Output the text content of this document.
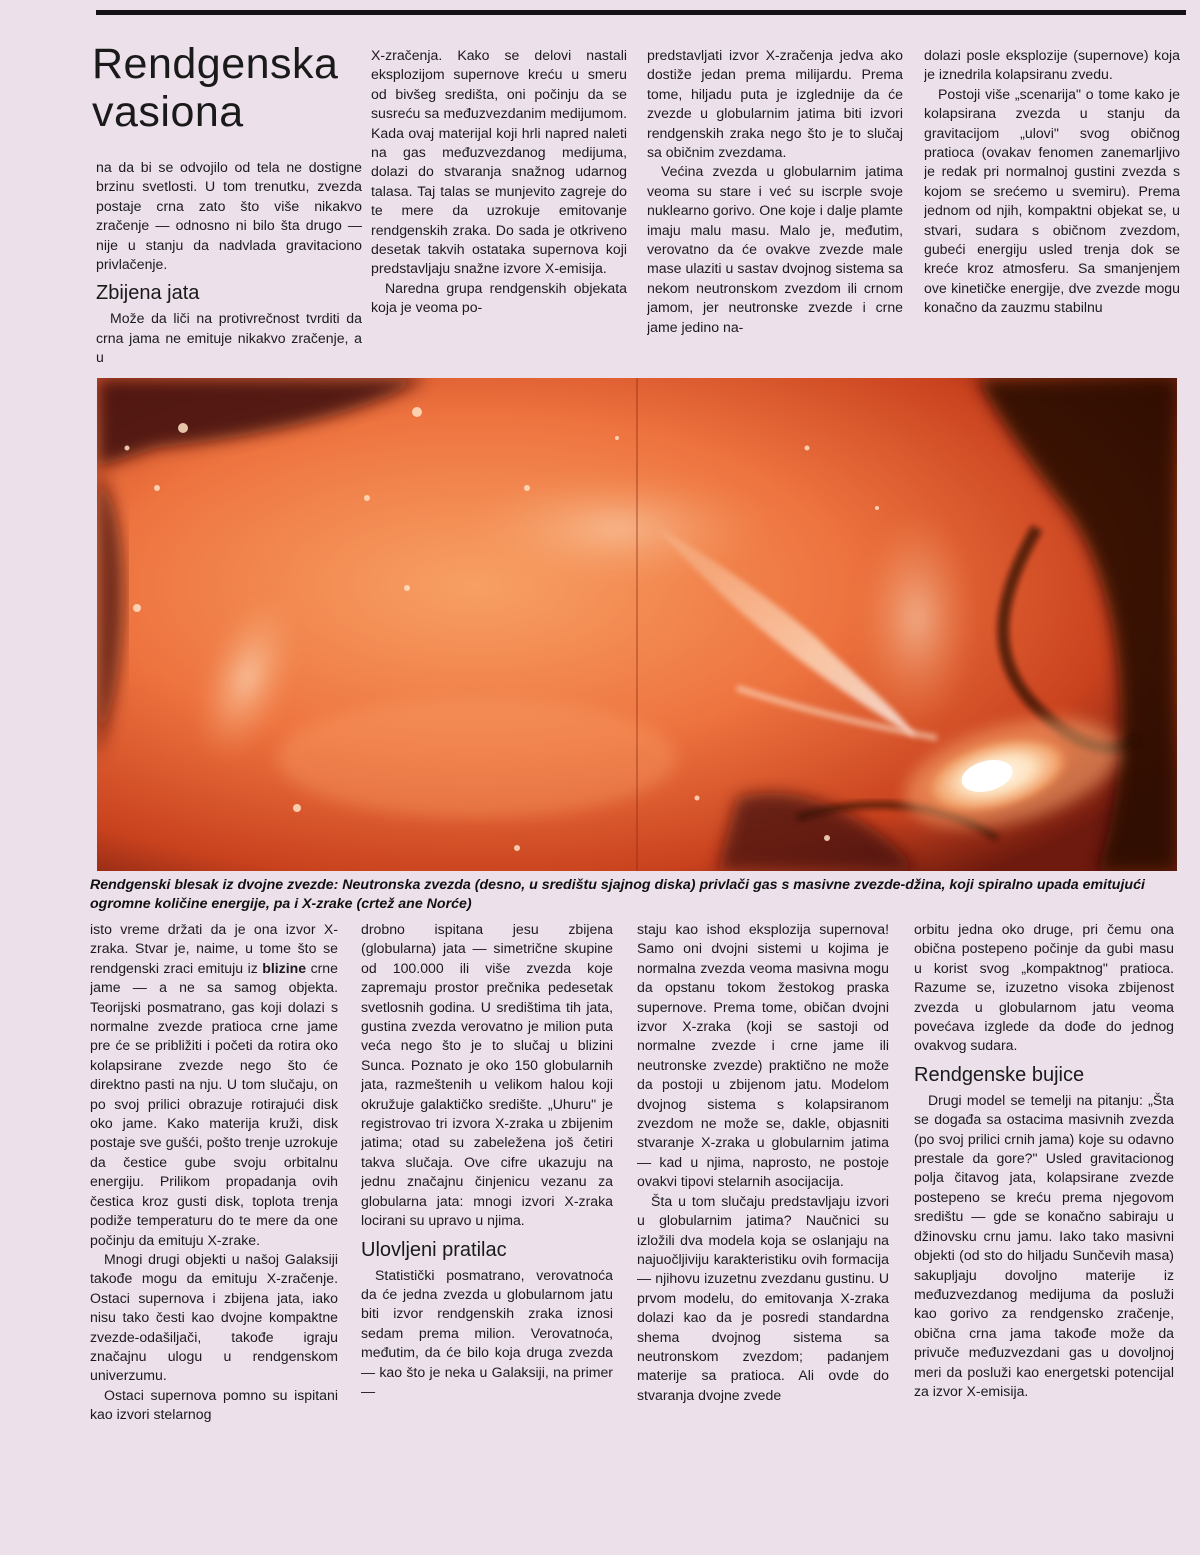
Rendgenska vasiona

na da bi se odvojilo od tela ne dostigne brzinu svetlosti. U tom trenutku, zvezda postaje crna zato što više nikakvo zračenje — odnosno ni bilo šta drugo — nije u stanju da nadvlada gravitaciono privlačenje.

Zbijena jata

Može da liči na protivrečnost tvrditi da crna jama ne emituje nikakvo zračenje, a u

X-zračenja. Kako se delovi nastali eksplozijom supernove kreću u smeru od bivšeg središta, oni počinju da se susreću sa međuzvezdanim medijumom. Kada ovaj materijal koji hrli napred naleti na gas međuzvezdanog medijuma, dolazi do stvaranja snažnog udarnog talasa. Taj talas se munjevito zagreje do te mere da uzrokuje emitovanje rendgenskih zraka. Do sada je otkriveno desetak takvih ostataka supernova koji predstavljaju snažne izvore X-emisija.

Naredna grupa rendgenskih objekata koja je veoma po-

predstavljati izvor X-zračenja jedva ako dostiže jedan prema milijardu. Prema tome, hiljadu puta je izglednije da će zvezde u globularnim jatima biti izvori rendgenskih zraka nego što je to slučaj sa običnim zvezdama.

Većina zvezda u globularnim jatima veoma su stare i već su iscrple svoje nuklearno gorivo. One koje i dalje plamte imaju malu masu. Malo je, međutim, verovatno da će ovakve zvezde male mase ulaziti u sastav dvojnog sistema sa nekom neutronskom zvezdom ili crnom jamom, jer neutronske zvezde i crne jame jedino na-

dolazi posle eksplozije (supernove) koja je iznedrila kolapsiranu zvedu.

Postoji više „scenarija" o tome kako je kolapsirana zvezda u stanju da gravitacijom „ulovi" svog običnog pratioca (ovakav fenomen zanemarljivo je redak pri normalnoj gustini zvezda s kojom se srećemo u svemiru). Prema jednom od njih, kompaktni objekat se, u stvari, sudara s običnom zvezdom, gubeći energiju usled trenja dok se kreće kroz atmosferu. Sa smanjenjem ove kinetičke energije, dve zvezde mogu konačno da zauzmu stabilnu

Rendgenski blesak iz dvojne zvezde: Neutronska zvezda (desno, u središtu sjajnog diska) privlači gas s masivne zvezde-džina, koji spiralno upada emitujući ogromne količine energije, pa i X-zrake (crtež ane Norće)

isto vreme držati da je ona izvor X-zraka. Stvar je, naime, u tome što se rendgenski zraci emituju iz blizine crne jame — a ne sa samog objekta. Teorijski posmatrano, gas koji dolazi s normalne zvezde pratioca crne jame pre će se približiti i početi da rotira oko kolapsirane zvezde nego što će direktno pasti na nju. U tom slučaju, on po svoj prilici obrazuje rotirajući disk oko jame. Kako materija kruži, disk postaje sve gušći, pošto trenje uzrokuje da čestice gube svoju orbitalnu energiju. Prilikom propadanja ovih čestica kroz gusti disk, toplota trenja podiže temperaturu do te mere da one počinju da emituju X-zrake.

Mnogi drugi objekti u našoj Galaksiji takođe mogu da emituju X-zračenje. Ostaci supernova i zbijena jata, iako nisu tako česti kao dvojne kompaktne zvezde-odašiljači, takođe igraju značajnu ulogu u rendgenskom univerzumu.

Ostaci supernova pomno su ispitani kao izvori stelarnog

drobno ispitana jesu zbijena (globularna) jata — simetrične skupine od 100.000 ili više zvezda koje zapremaju prostor prečnika pedesetak svetlosnih godina. U središtima tih jata, gustina zvezda verovatno je milion puta veća nego što je to slučaj u blizini Sunca. Poznato je oko 150 globularnih jata, razmeštenih u velikom halou koji okružuje galaktičko središte. „Uhuru" je registrovao tri izvora X-zraka u zbijenim jatima; otad su zabeležena još četiri takva slučaja. Ove cifre ukazuju na jednu značajnu činjenicu vezanu za globularna jata: mnogi izvori X-zraka locirani su upravo u njima.

Ulovljeni pratilac

Statistički posmatrano, verovatnoća da će jedna zvezda u globularnom jatu biti izvor rendgenskih zraka iznosi sedam prema milion. Verovatnoća, međutim, da će bilo koja druga zvezda — kao što je neka u Galaksiji, na primer —

staju kao ishod eksplozija supernova! Samo oni dvojni sistemi u kojima je normalna zvezda veoma masivna mogu da opstanu tokom žestokog praska supernove. Prema tome, običan dvojni izvor X-zraka (koji se sastoji od normalne zvezde i crne jame ili neutronske zvezde) praktično ne može da postoji u zbijenom jatu. Modelom dvojnog sistema s kolapsiranom zvezdom ne može se, dakle, objasniti stvaranje X-zraka u globularnim jatima — kad u njima, naprosto, ne postoje ovakvi tipovi stelarnih asocijacija.

Šta u tom slučaju predstavljaju izvori u globularnim jatima? Naučnici su izložili dva modela koja se oslanjaju na najuočljiviju karakteristiku ovih formacija — njihovu izuzetnu zvezdanu gustinu. U prvom modelu, do emitovanja X-zraka dolazi kao da je posredi standardna shema dvojnog sistema sa neutronskom zvezdom; padanjem materije sa pratioca. Ali ovde do stvaranja dvojne zvede

orbitu jedna oko druge, pri čemu ona obična postepeno počinje da gubi masu u korist svog „kompaktnog" pratioca. Razume se, izuzetno visoka zbijenost zvezda u globularnom jatu veoma povećava izglede da dođe do jednog ovakvog sudara.

Rendgenske bujice

Drugi model se temelji na pitanju: „Šta se događa sa ostacima masivnih zvezda (po svoj prilici crnih jama) koje su odavno prestale da gore?" Usled gravitacionog polja čitavog jata, kolapsirane zvezde postepeno se kreću prema njegovom središtu — gde se konačno sabiraju u džinovsku crnu jamu. Iako tako masivni objekti (od sto do hiljadu Sunčevih masa) sakupljaju dovoljno materije iz međuzvezdanog medijuma da posluži kao gorivo za rendgensko zračenje, obična crna jama takođe može da privuče međuzvezdani gas u dovoljnoj meri da posluži kao energetski potencijal za izvor X-emisija.
